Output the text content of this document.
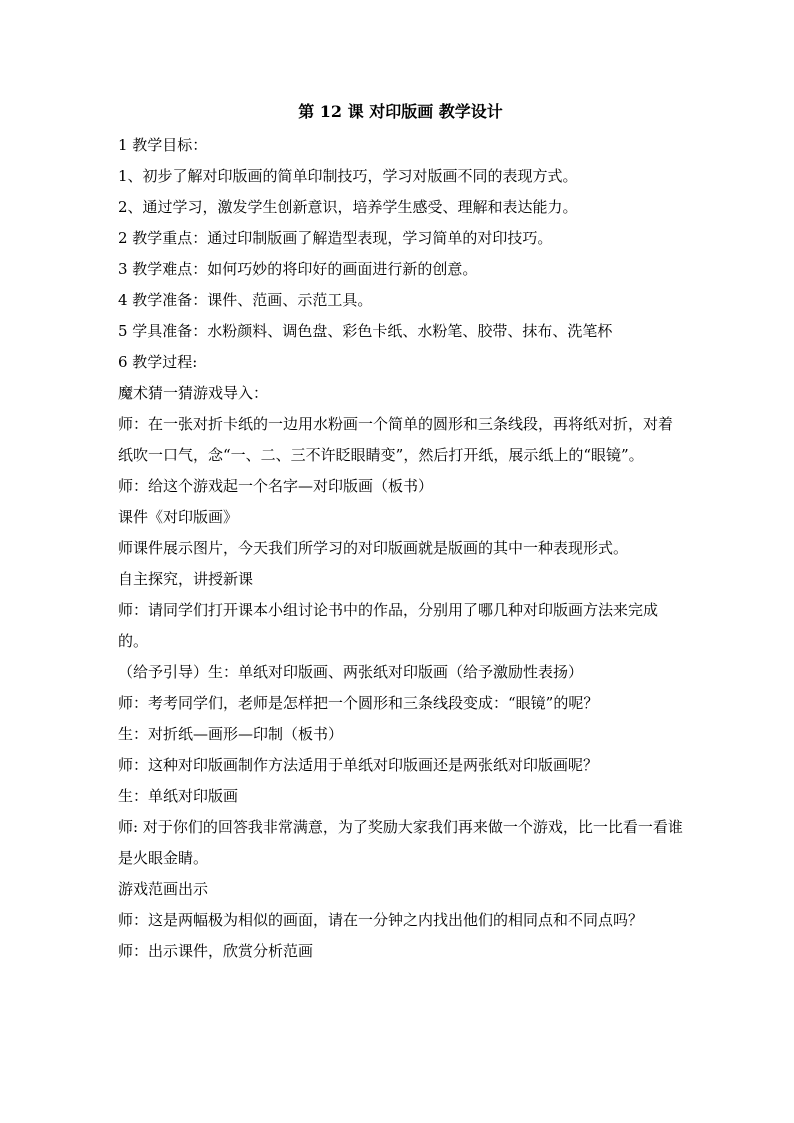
第 12 课 对印版画 教学设计

1 教学目标：

1、初步了解对印版画的简单印制技巧，学习对版画不同的表现方式。

2、通过学习，激发学生创新意识，培养学生感受、理解和表达能力。

2 教学重点：通过印制版画了解造型表现，学习简单的对印技巧。

3 教学难点：如何巧妙的将印好的画面进行新的创意。

4 教学准备：课件、范画、示范工具。

5 学具准备：水粉颜料、调色盘、彩色卡纸、水粉笔、胶带、抹布、洗笔杯

6 教学过程:

魔术猜一猜游戏导入：

师：在一张对折卡纸的一边用水粉画一个简单的圆形和三条线段，再将纸对折，对着纸吹一口气，念“一、二、三不许眨眼睛变”，然后打开纸，展示纸上的“眼镜”。

师：给这个游戏起一个名字—对印版画（板书）

课件《对印版画》

师课件展示图片，今天我们所学习的对印版画就是版画的其中一种表现形式。

自主探究，讲授新课

师：请同学们打开课本小组讨论书中的作品，分别用了哪几种对印版画方法来完成的。

（给予引导）生：单纸对印版画、两张纸对印版画（给予激励性表扬）

师：考考同学们，老师是怎样把一个圆形和三条线段变成：“眼镜”的呢？

生：对折纸—画形—印制（板书）

师：这种对印版画制作方法适用于单纸对印版画还是两张纸对印版画呢？

生：单纸对印版画

师: 对于你们的回答我非常满意，为了奖励大家我们再来做一个游戏，比一比看一看谁是火眼金睛。

游戏范画出示

师：这是两幅极为相似的画面，请在一分钟之内找出他们的相同点和不同点吗？

师：出示课件，欣赏分析范画
